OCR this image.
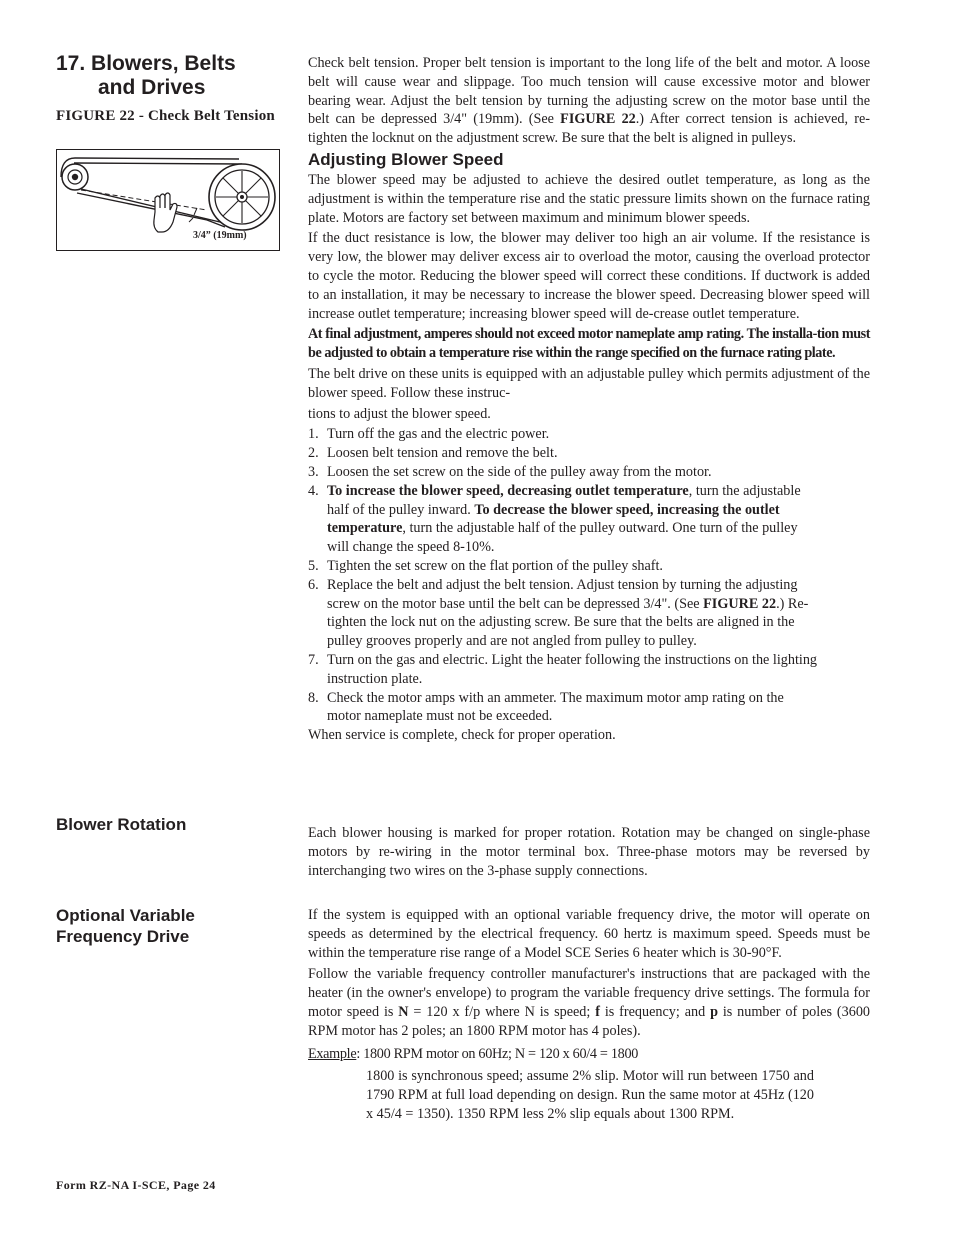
17. Blowers, Belts
and Drives
FIGURE 22 - Check Belt Tension
3/4” (19mm)
Blower Rotation
Optional Variable
Frequency Drive

Check belt tension. Proper belt tension is important to the long life of the belt and motor. A loose belt will cause wear and slippage. Too much tension will cause excessive motor and blower bearing wear. Adjust the belt tension by turning the adjusting screw on the motor base until the belt can be depressed 3/4" (19mm). (See FIGURE 22.) After correct tension is achieved, re-tighten the locknut on the adjustment screw. Be sure that the belt is aligned in pulleys.

Adjusting Blower Speed

The blower speed may be adjusted to achieve the desired outlet temperature, as long as the adjustment is within the temperature rise and the static pressure limits shown on the furnace rating plate. Motors are factory set between maximum and minimum blower speeds.

If the duct resistance is low, the blower may deliver too high an air volume. If the resistance is very low, the blower may deliver excess air to overload the motor, causing the overload protector to cycle the motor. Reducing the blower speed will correct these conditions. If ductwork is added to an installation, it may be necessary to increase the blower speed. Decreasing blower speed will increase outlet temperature; increasing blower speed will de-crease outlet temperature.

At final adjustment, amperes should not exceed motor nameplate amp rating. The installa-tion must be adjusted to obtain a temperature rise within the range specified on the furnace rating plate.

The belt drive on these units is equipped with an adjustable pulley which permits adjustment of the blower speed. Follow these instruc-

tions to adjust the blower speed.

1. Turn off the gas and the electric power.
2. Loosen belt tension and remove the belt.
3. Loosen the set screw on the side of the pulley away from the motor.
4. To increase the blower speed, decreasing outlet temperature, turn the adjustable half of the pulley inward. To decrease the blower speed, increasing the outlet temperature, turn the adjustable half of the pulley outward. One turn of the pulley will change the speed 8-10%.
5. Tighten the set screw on the flat portion of the pulley shaft.
6. Replace the belt and adjust the belt tension. Adjust tension by turning the adjusting screw on the motor base until the belt can be depressed 3/4". (See FIGURE 22.) Re-tighten the lock nut on the adjusting screw. Be sure that the belts are aligned in the pulley grooves properly and are not angled from pulley to pulley.
7. Turn on the gas and electric. Light the heater following the instructions on the lighting instruction plate.
8. Check the motor amps with an ammeter. The maximum motor amp rating on the motor nameplate must not be exceeded.

When service is complete, check for proper operation.

Each blower housing is marked for proper rotation. Rotation may be changed on single-phase motors by re-wiring in the motor terminal box. Three-phase motors may be reversed by interchanging two wires on the 3-phase supply connections.

If the system is equipped with an optional variable frequency drive, the motor will operate on speeds as determined by the electrical frequency. 60 hertz is maximum speed. Speeds must be within the temperature rise range of a Model SCE Series 6 heater which is 30-90°F.

Follow the variable frequency controller manufacturer's instructions that are packaged with the heater (in the owner's envelope) to program the variable frequency drive settings. The formula for motor speed is N = 120 x f/p where N is speed; f is frequency; and p is number of poles (3600 RPM motor has 2 poles; an 1800 RPM motor has 4 poles).

Example: 1800 RPM motor on 60Hz; N = 120 x 60/4 = 1800

1800 is synchronous speed; assume 2% slip. Motor will run between 1750 and 1790 RPM at full load depending on design. Run the same motor at 45Hz (120 x 45/4 = 1350). 1350 RPM less 2% slip equals about 1300 RPM.

Form RZ-NA I-SCE, Page 24
